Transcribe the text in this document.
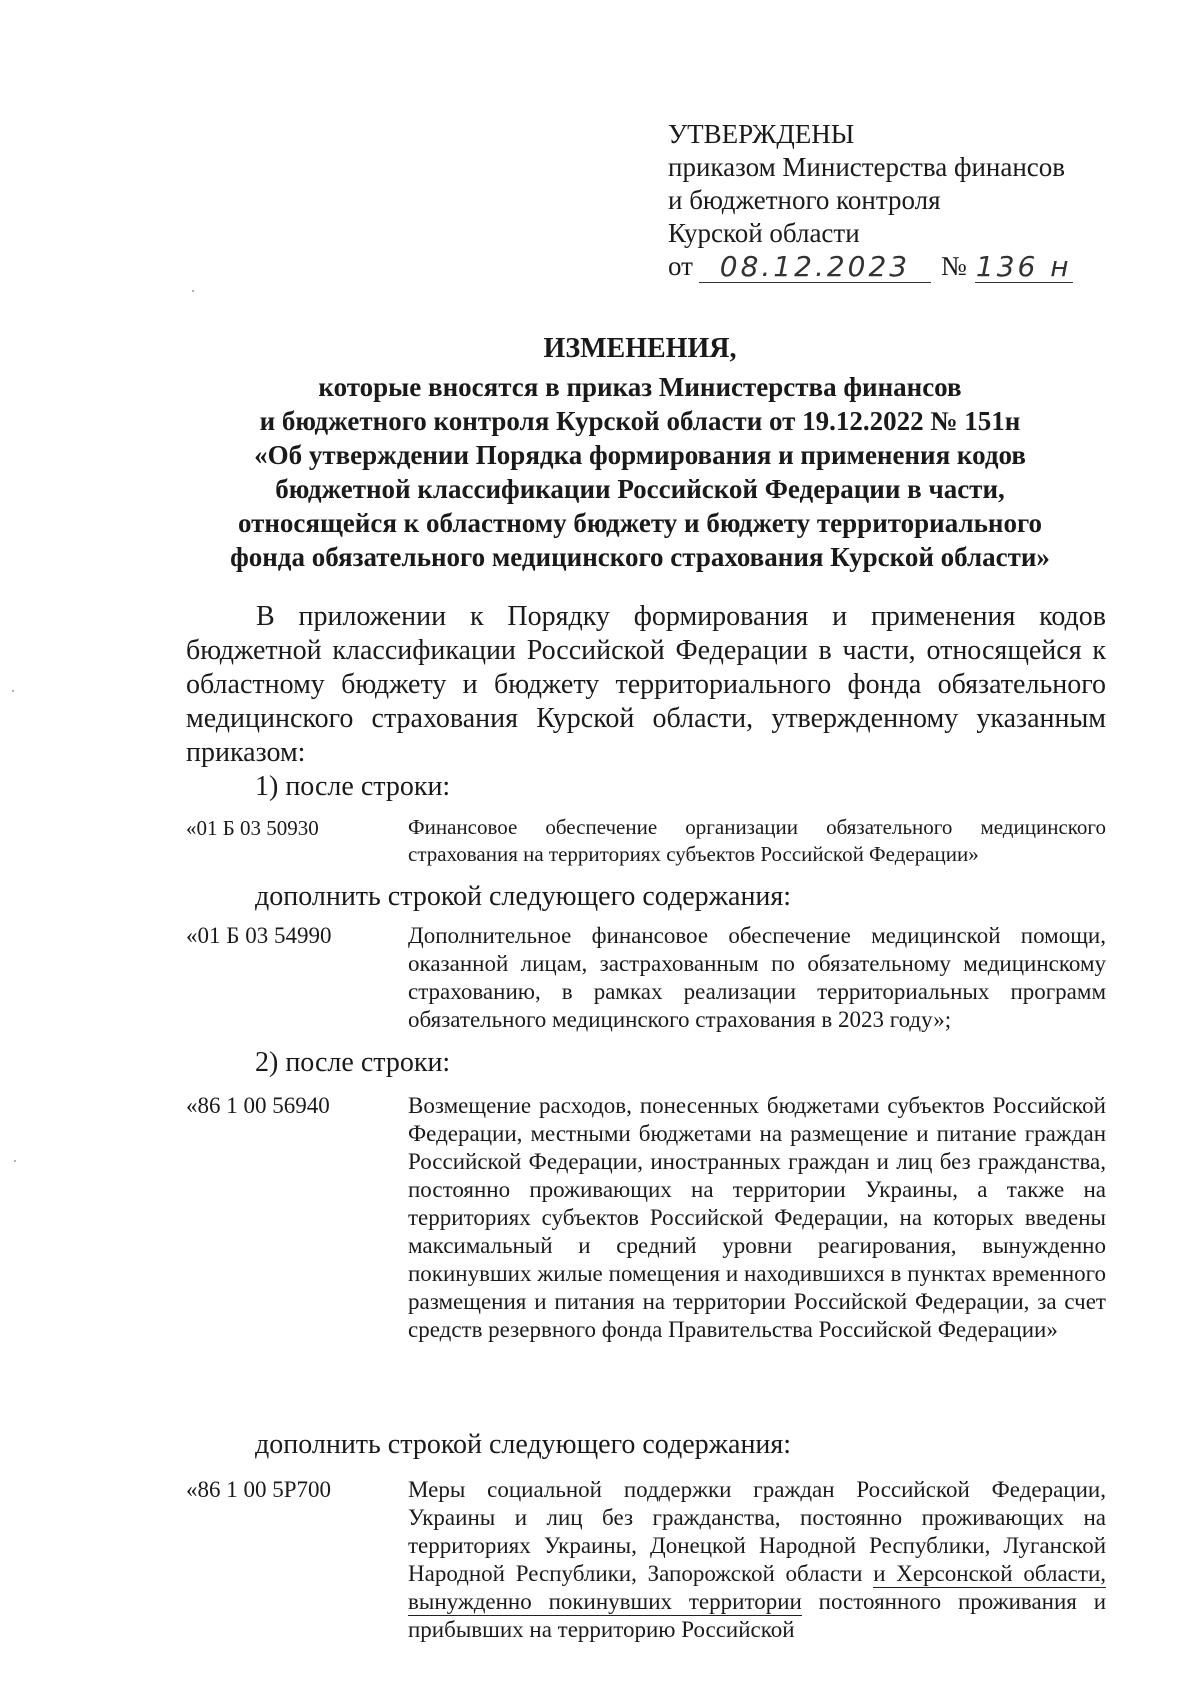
УТВЕРЖДЕНЫ
приказом Министерства финансов
и бюджетного контроля
Курской области
от 08.12.2023	№ 136 н
ИЗМЕНЕНИЯ,
которые вносятся в приказ Министерства финансов
и бюджетного контроля Курской области от 19.12.2022 № 151н
«Об утверждении Порядка формирования и применения кодов
бюджетной классификации Российской Федерации в части,
относящейся к областному бюджету и бюджету территориального
фонда обязательного медицинского страхования Курской области»
В приложении к Порядку формирования и применения кодов бюджетной классификации Российской Федерации в части, относящейся к областному бюджету и бюджету территориального фонда обязательного медицинского страхования Курской области, утвержденному указанным приказом:
1) после строки:
«01 Б 03 50930	Финансовое обеспечение организации обязательного медицинского страхования на территориях субъектов Российской Федерации»
дополнить строкой следующего содержания:
«01 Б 03 54990	Дополнительное финансовое обеспечение медицинской помощи, оказанной лицам, застрахованным по обязательному медицинскому страхованию, в рамках реализации территориальных программ обязательного медицинского страхования в 2023 году»;
2) после строки:
«86 1 00 56940	Возмещение расходов, понесенных бюджетами субъектов Российской Федерации, местными бюджетами на размещение и питание граждан Российской Федерации, иностранных граждан и лиц без гражданства, постоянно проживающих на территории Украины, а также на территориях субъектов Российской Федерации, на которых введены максимальный и средний уровни реагирования, вынужденно покинувших жилые помещения и находившихся в пунктах временного размещения и питания на территории Российской Федерации, за счет средств резервного фонда Правительства Российской Федерации»
дополнить строкой следующего содержания:
«86 1 00 5Р700	Меры социальной поддержки граждан Российской Федерации, Украины и лиц без гражданства, постоянно проживающих на территориях Украины, Донецкой Народной Республики, Луганской Народной Республики, Запорожской области и Херсонской области, вынужденно покинувших территории постоянного проживания и прибывших на территорию Российской
